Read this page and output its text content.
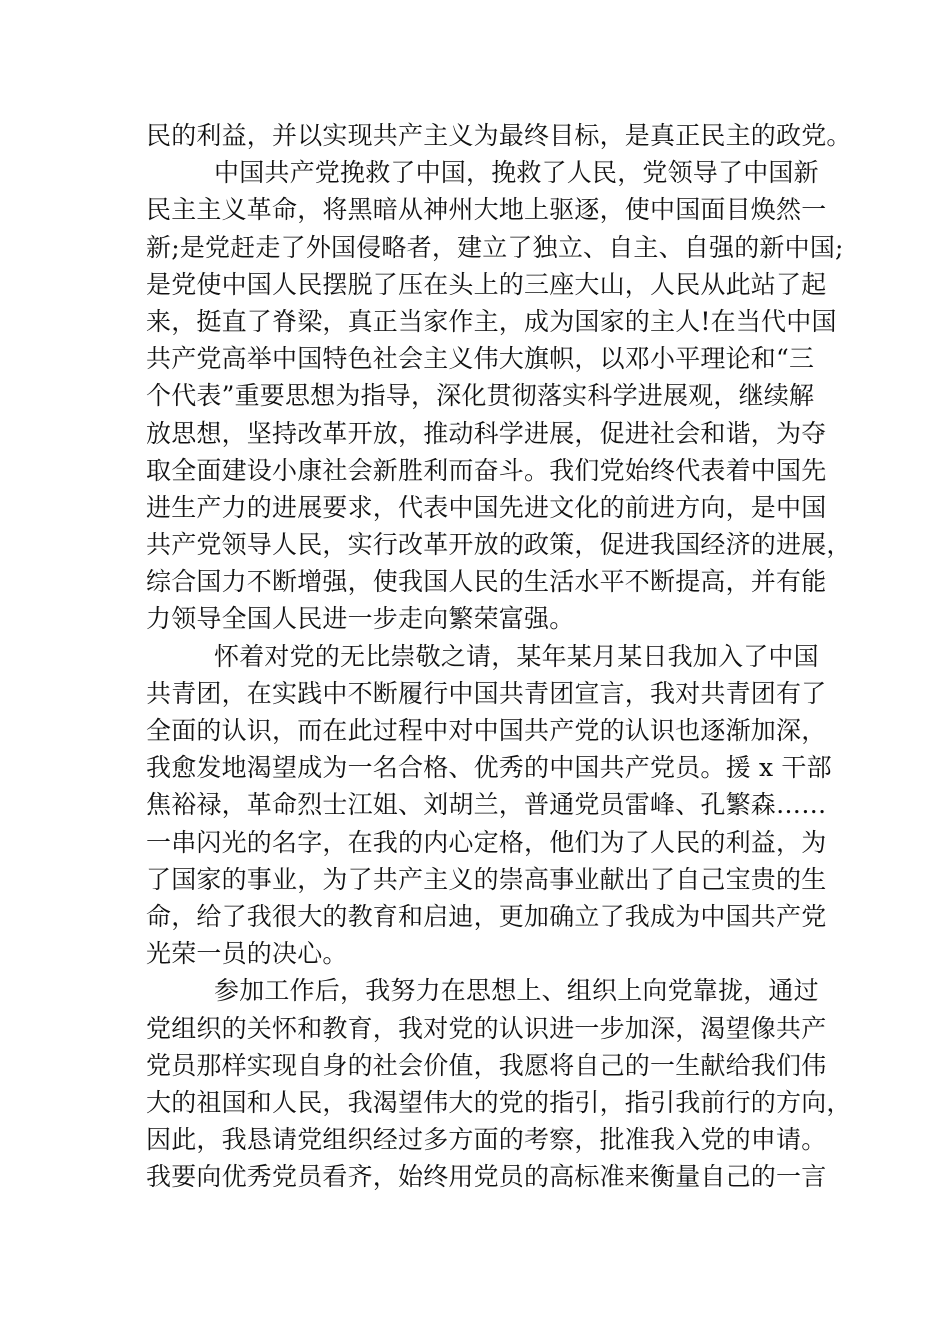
民的利益，并以实现共产主义为最终目标，是真正民主的政党。
中国共产党挽救了中国，挽救了人民，党领导了中国新
民主主义革命，将黑暗从神州大地上驱逐，使中国面目焕然一
新;是党赶走了外国侵略者，建立了独立、自主、自强的新中国;
是党使中国人民摆脱了压在头上的三座大山，人民从此站了起
来，挺直了脊梁，真正当家作主，成为国家的主人!在当代中国
共产党高举中国特色社会主义伟大旗帜，以邓小平理论和“三
个代表”重要思想为指导，深化贯彻落实科学进展观，继续解
放思想，坚持改革开放，推动科学进展，促进社会和谐，为夺
取全面建设小康社会新胜利而奋斗。我们党始终代表着中国先
进生产力的进展要求，代表中国先进文化的前进方向，是中国
共产党领导人民，实行改革开放的政策，促进我国经济的进展，
综合国力不断增强，使我国人民的生活水平不断提高，并有能
力领导全国人民进一步走向繁荣富强。
怀着对党的无比崇敬之请，某年某月某日我加入了中国
共青团，在实践中不断履行中国共青团宣言，我对共青团有了
全面的认识，而在此过程中对中国共产党的认识也逐渐加深，
我愈发地渴望成为一名合格、优秀的中国共产党员。援 x 干部
焦裕禄，革命烈士江姐、刘胡兰，普通党员雷峰、孔繁森……
一串闪光的名字，在我的内心定格，他们为了人民的利益，为
了国家的事业，为了共产主义的崇高事业献出了自己宝贵的生
命，给了我很大的教育和启迪，更加确立了我成为中国共产党
光荣一员的决心。
参加工作后，我努力在思想上、组织上向党靠拢，通过
党组织的关怀和教育，我对党的认识进一步加深，渴望像共产
党员那样实现自身的社会价值，我愿将自己的一生献给我们伟
大的祖国和人民，我渴望伟大的党的指引，指引我前行的方向，
因此，我恳请党组织经过多方面的考察，批准我入党的申请。
我要向优秀党员看齐，始终用党员的高标准来衡量自己的一言
